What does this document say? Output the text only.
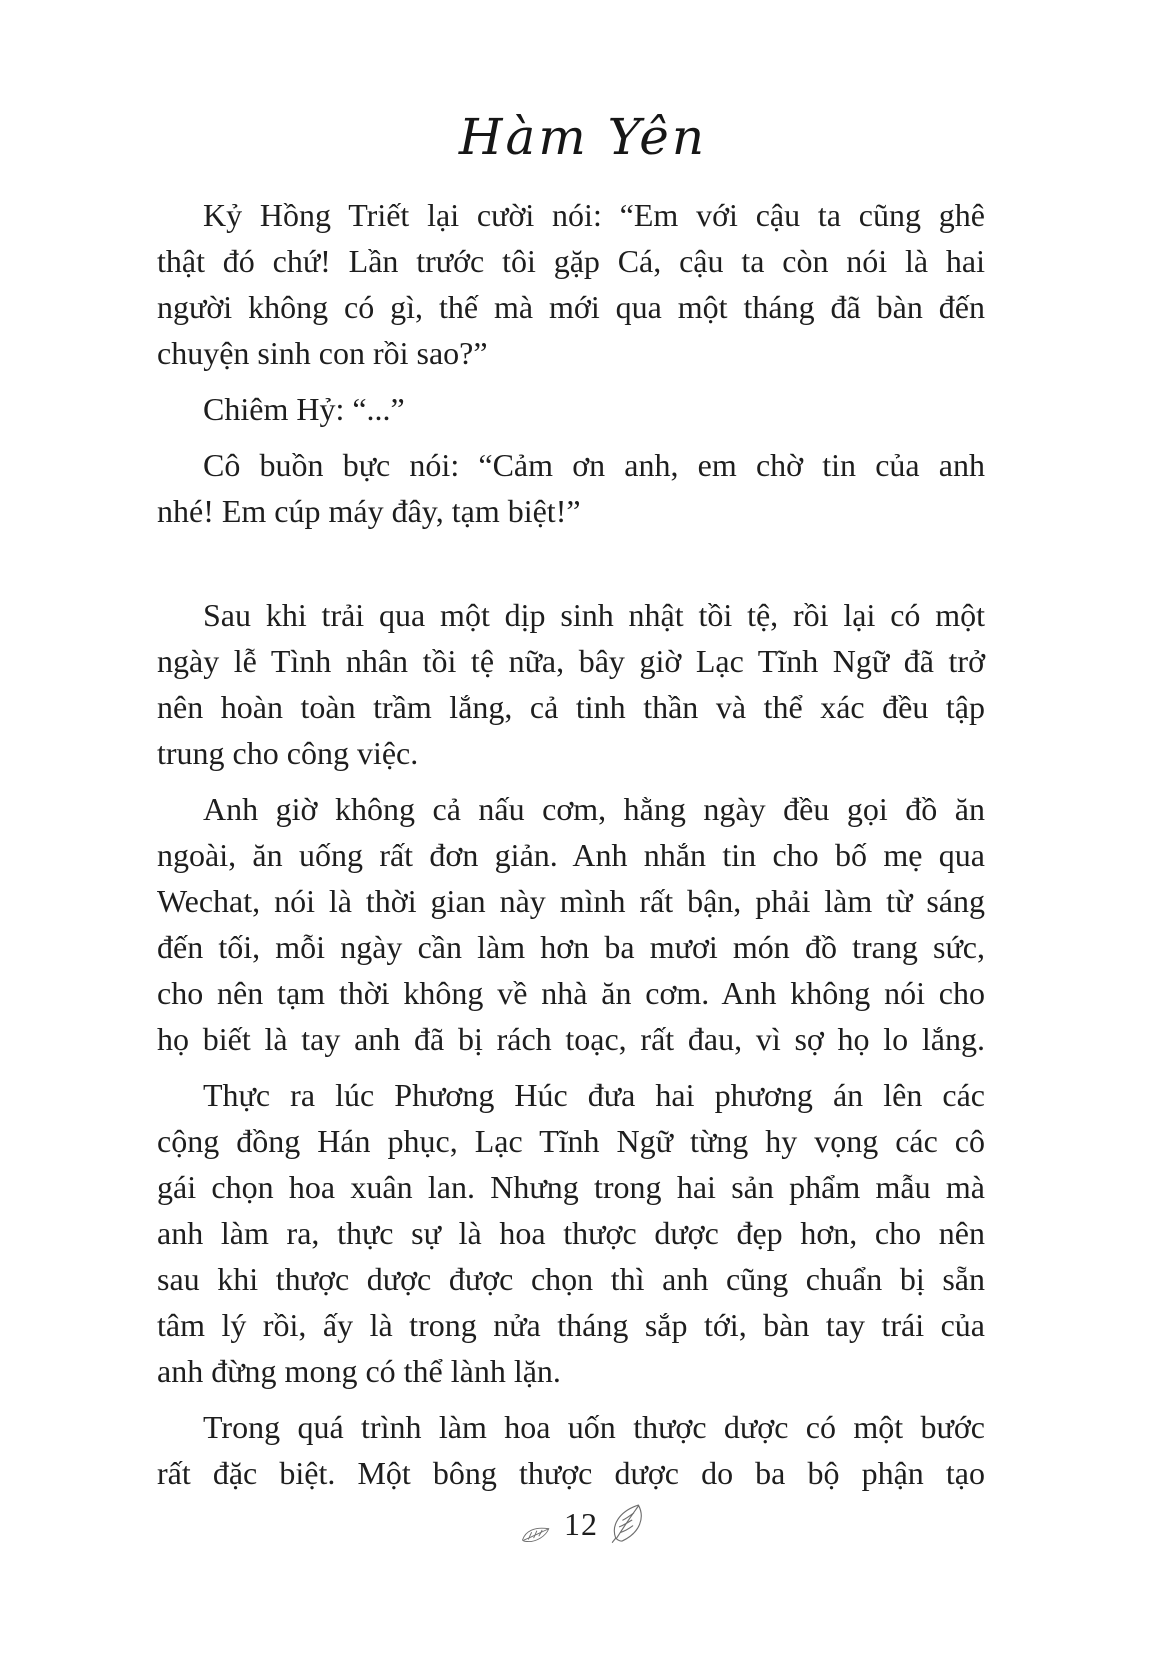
Hàm Yên
Kỷ Hồng Triết lại cười nói: “Em với cậu ta cũng ghê
thật đó chứ! Lần trước tôi gặp Cá, cậu ta còn nói là hai
người không có gì, thế mà mới qua một tháng đã bàn đến
chuyện sinh con rồi sao?”
Chiêm Hỷ: “...”
Cô buồn bực nói: “Cảm ơn anh, em chờ tin của anh
nhé! Em cúp máy đây, tạm biệt!”
Sau khi trải qua một dịp sinh nhật tồi tệ, rồi lại có một
ngày lễ Tình nhân tồi tệ nữa, bây giờ Lạc Tĩnh Ngữ đã trở
nên hoàn toàn trầm lắng, cả tinh thần và thể xác đều tập
trung cho công việc.
Anh giờ không cả nấu cơm, hằng ngày đều gọi đồ ăn
ngoài, ăn uống rất đơn giản. Anh nhắn tin cho bố mẹ qua
Wechat, nói là thời gian này mình rất bận, phải làm từ sáng
đến tối, mỗi ngày cần làm hơn ba mươi món đồ trang sức,
cho nên tạm thời không về nhà ăn cơm. Anh không nói cho
họ biết là tay anh đã bị rách toạc, rất đau, vì sợ họ lo lắng.
Thực ra lúc Phương Húc đưa hai phương án lên các
cộng đồng Hán phục, Lạc Tĩnh Ngữ từng hy vọng các cô
gái chọn hoa xuân lan. Nhưng trong hai sản phẩm mẫu mà
anh làm ra, thực sự là hoa thược dược đẹp hơn, cho nên
sau khi thược dược được chọn thì anh cũng chuẩn bị sẵn
tâm lý rồi, ấy là trong nửa tháng sắp tới, bàn tay trái của
anh đừng mong có thể lành lặn.
Trong quá trình làm hoa uốn thược dược có một bước
rất đặc biệt. Một bông thược dược do ba bộ phận tạo
12
